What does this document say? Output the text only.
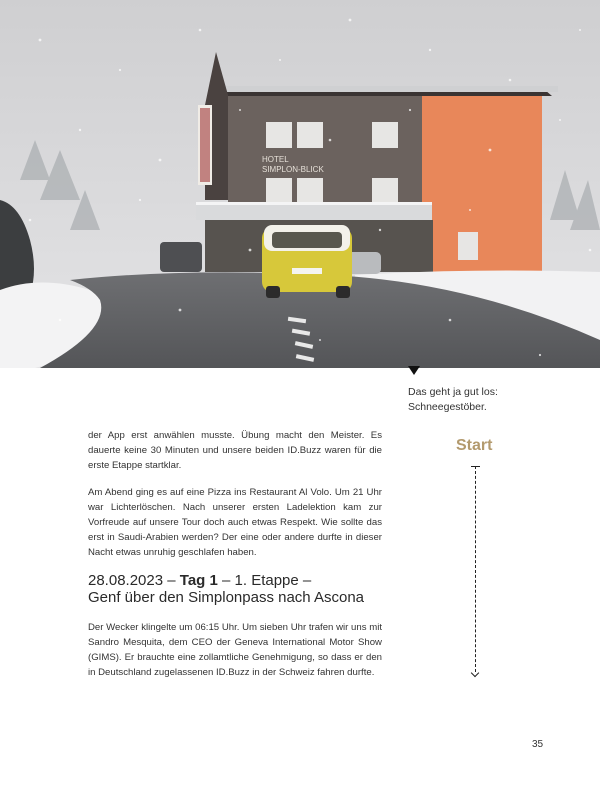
HOTEL
SIMPLON-BLICK
Das geht ja gut los:
Schneegestöber.

der App erst anwählen musste. Übung macht den Meister. Es dauerte keine 30 Minuten und unsere beiden ID.Buzz waren für die erste Etappe startklar.

Am Abend ging es auf eine Pizza ins Restaurant Al Volo. Um 21 Uhr war Lichterlöschen. Nach unserer ersten Ladelektion kam zur Vorfreude auf unsere Tour doch auch etwas Respekt. Wie sollte das erst in Saudi-Arabien werden? Der eine oder andere durfte in dieser Nacht etwas unruhig geschlafen haben.

28.08.2023 – Tag 1 – 1. Etappe –
Genf über den Simplonpass nach Ascona

Der Wecker klingelte um 06:15 Uhr. Um sieben Uhr trafen wir uns mit Sandro Mesquita, dem CEO der Geneva International Motor Show (GIMS). Er brauchte eine zollamtliche Genehmigung, so dass er den in Deutschland zugelassenen ID.Buzz in der Schweiz fahren durfte.

Start
35
